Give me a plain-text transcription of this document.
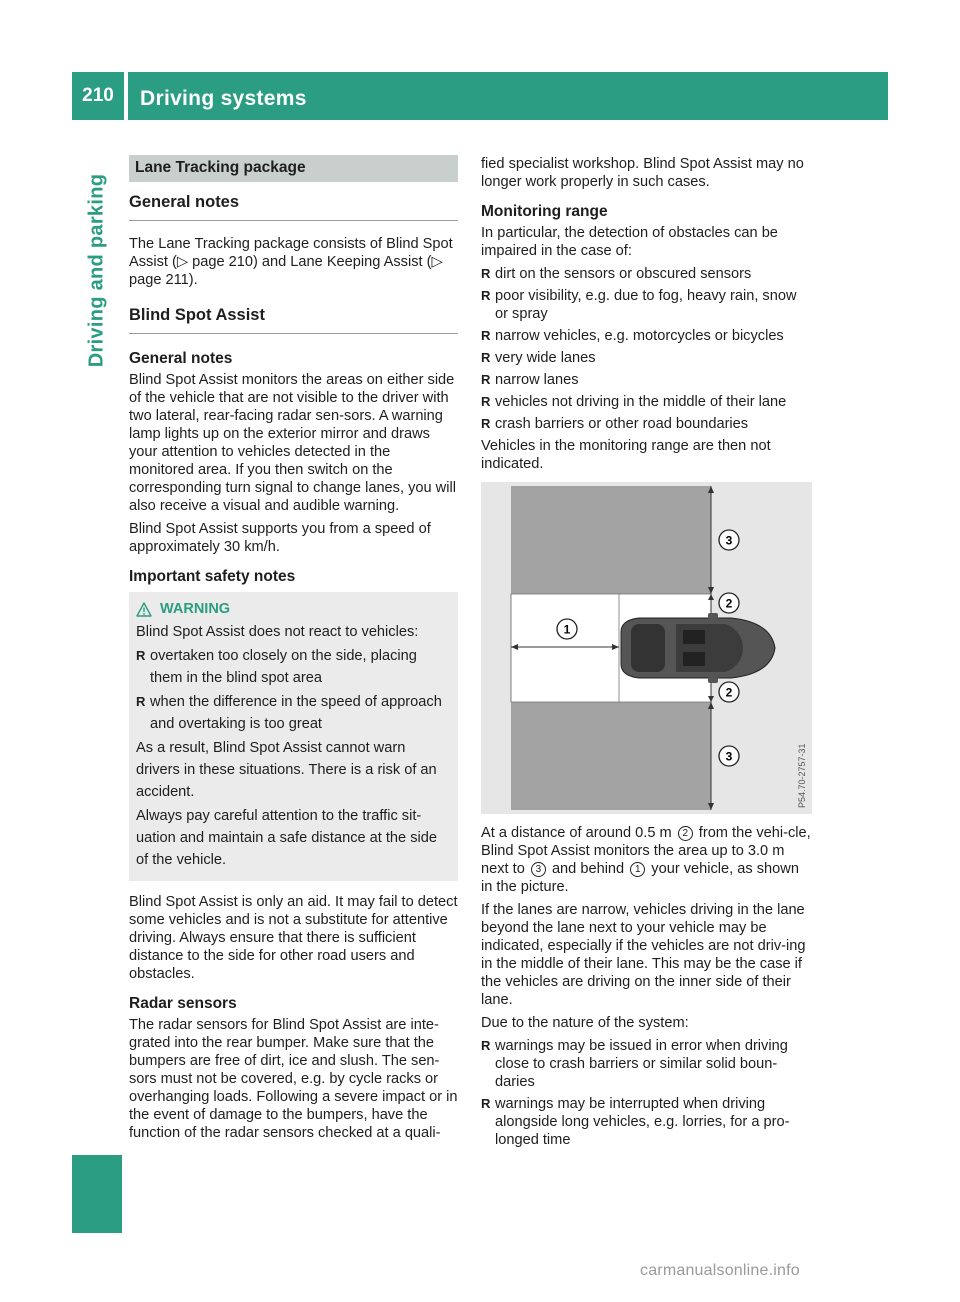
210	Driving systems
Driving and parking
Lane Tracking package
General notes

The Lane Tracking package consists of Blind Spot Assist (▷ page 210) and Lane Keeping Assist (▷ page 211).

Blind Spot Assist
General notes

Blind Spot Assist monitors the areas on either side of the vehicle that are not visible to the driver with two lateral, rear-facing radar sen-sors. A warning lamp lights up on the exterior mirror and draws your attention to vehicles detected in the monitored area. If you then switch on the corresponding turn signal to change lanes, you will also receive a visual and audible warning.

Blind Spot Assist supports you from a speed of approximately 30 km/h.

Important safety notes
WARNING

Blind Spot Assist does not react to vehicles:

R overtaken too closely on the side, placing them in the blind spot area
R when the difference in the speed of approach and overtaking is too great

As a result, Blind Spot Assist cannot warn drivers in these situations. There is a risk of an accident.

Always pay careful attention to the traffic sit-uation and maintain a safe distance at the side of the vehicle.

Blind Spot Assist is only an aid. It may fail to detect some vehicles and is not a substitute for attentive driving. Always ensure that there is sufficient distance to the side for other road users and obstacles.

Radar sensors

The radar sensors for Blind Spot Assist are inte-grated into the rear bumper. Make sure that the bumpers are free of dirt, ice and slush. The sen-sors must not be covered, e.g. by cycle racks or overhanging loads. Following a severe impact or in the event of damage to the bumpers, have the function of the radar sensors checked at a quali-

fied specialist workshop. Blind Spot Assist may no longer work properly in such cases.

Monitoring range

In particular, the detection of obstacles can be impaired in the case of:

R dirt on the sensors or obscured sensors
R poor visibility, e.g. due to fog, heavy rain, snow or spray
R narrow vehicles, e.g. motorcycles or bicycles
R very wide lanes
R narrow lanes
R vehicles not driving in the middle of their lane
R crash barriers or other road boundaries

Vehicles in the monitoring range are then not indicated.

1
2
2
3
3	P54.70-2757-31

At a distance of around 0.5 m 2 from the vehi-cle, Blind Spot Assist monitors the area up to 3.0 m next to 3 and behind 1 your vehicle, as shown in the picture.

If the lanes are narrow, vehicles driving in the lane beyond the lane next to your vehicle may be indicated, especially if the vehicles are not driv-ing in the middle of their lane. This may be the case if the vehicles are driving on the inner side of their lane.

Due to the nature of the system:

R warnings may be issued in error when driving close to crash barriers or similar solid boun-daries
R warnings may be interrupted when driving alongside long vehicles, e.g. lorries, for a pro-longed time
carmanualsonline.info
